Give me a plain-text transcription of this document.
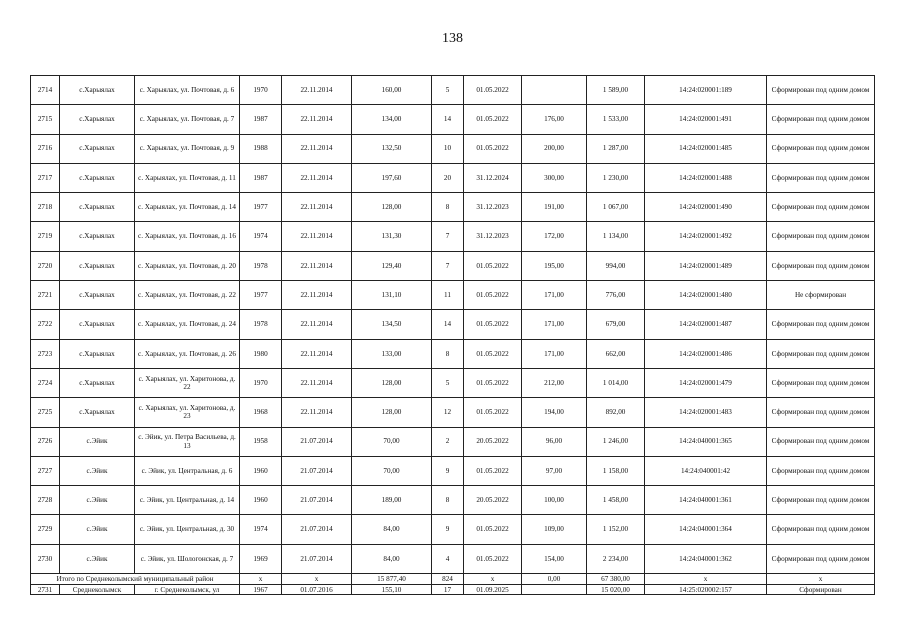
138
2714	с.Харыялах	с. Харыялах, ул. Почтовая, д. 6	1970	22.11.2014	160,00	5	01.05.2022		1 589,00	14:24:020001:189	Сформирован под одним домом
2715	с.Харыялах	с. Харыялах, ул. Почтовая, д. 7	1987	22.11.2014	134,00	14	01.05.2022	176,00	1 533,00	14:24:020001:491	Сформирован под одним домом
2716	с.Харыялах	с. Харыялах, ул. Почтовая, д. 9	1988	22.11.2014	132,50	10	01.05.2022	200,00	1 287,00	14:24:020001:485	Сформирован под одним домом
2717	с.Харыялах	с. Харыялах, ул. Почтовая, д. 11	1987	22.11.2014	197,60	20	31.12.2024	300,00	1 230,00	14:24:020001:488	Сформирован под одним домом
2718	с.Харыялах	с. Харыялах, ул. Почтовая, д. 14	1977	22.11.2014	128,00	8	31.12.2023	191,00	1 067,00	14:24:020001:490	Сформирован под одним домом
2719	с.Харыялах	с. Харыялах, ул. Почтовая, д. 16	1974	22.11.2014	131,30	7	31.12.2023	172,00	1 134,00	14:24:020001:492	Сформирован под одним домом
2720	с.Харыялах	с. Харыялах, ул. Почтовая, д. 20	1978	22.11.2014	129,40	7	01.05.2022	195,00	994,00	14:24:020001:489	Сформирован под одним домом
2721	с.Харыялах	с. Харыялах, ул. Почтовая, д. 22	1977	22.11.2014	131,10	11	01.05.2022	171,00	776,00	14:24:020001:480	Не сформирован
2722	с.Харыялах	с. Харыялах, ул. Почтовая, д. 24	1978	22.11.2014	134,50	14	01.05.2022	171,00	679,00	14:24:020001:487	Сформирован под одним домом
2723	с.Харыялах	с. Харыялах, ул. Почтовая, д. 26	1980	22.11.2014	133,00	8	01.05.2022	171,00	662,00	14:24:020001:486	Сформирован под одним домом
2724	с.Харыялах	с. Харыялах, ул. Харитонова, д. 22	1970	22.11.2014	128,00	5	01.05.2022	212,00	1 014,00	14:24:020001:479	Сформирован под одним домом
2725	с.Харыялах	с. Харыялах, ул. Харитонова, д. 23	1968	22.11.2014	128,00	12	01.05.2022	194,00	892,00	14:24:020001:483	Сформирован под одним домом
2726	с.Эйик	с. Эйик, ул. Петра Васильева, д. 13	1958	21.07.2014	70,00	2	20.05.2022	96,00	1 246,00	14:24:040001:365	Сформирован под одним домом
2727	с.Эйик	с. Эйик, ул. Центральная, д. 6	1960	21.07.2014	70,00	9	01.05.2022	97,00	1 158,00	14:24:040001:42	Сформирован под одним домом
2728	с.Эйик	с. Эйик, ул. Центральная, д. 14	1960	21.07.2014	189,00	8	20.05.2022	100,00	1 458,00	14:24:040001:361	Сформирован под одним домом
2729	с.Эйик	с. Эйик, ул. Центральная, д. 30	1974	21.07.2014	84,00	9	01.05.2022	109,00	1 152,00	14:24:040001:364	Сформирован под одним домом
2730	с.Эйик	с. Эйик, ул. Шологонская, д. 7	1969	21.07.2014	84,00	4	01.05.2022	154,00	2 234,00	14:24:040001:362	Сформирован под одним домом
Итого по Среднеколымский муниципальный район			x	x	15 877,40	824	x	0,00	67 380,00	x	x
2731	Среднеколымск	г. Среднеколымск, ул	1967	01.07.2016	155,10	17	01.09.2025		15 020,00	14:25:020002:157	Сформирован
